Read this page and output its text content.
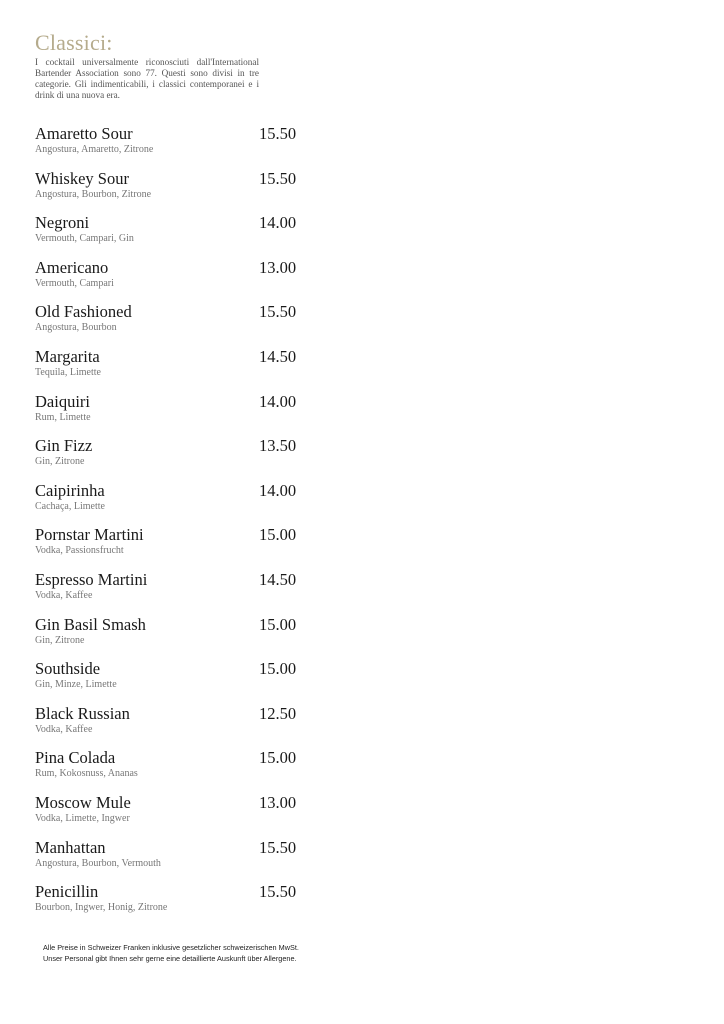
Classici:
I cocktail universalmente riconosciuti dall'International Bartender Association sono 77. Questi sono divisi in tre categorie. Gli indimenticabili, i classici contemporanei e i drink di una nuova era.
Amaretto Sour	15.50
Angostura, Amaretto, Zitrone
Whiskey Sour	15.50
Angostura, Bourbon, Zitrone
Negroni	14.00
Vermouth, Campari, Gin
Americano	13.00
Vermouth, Campari
Old Fashioned	15.50
Angostura, Bourbon
Margarita	14.50
Tequila, Limette
Daiquiri	14.00
Rum, Limette
Gin Fizz	13.50
Gin, Zitrone
Caipirinha	14.00
Cachaça, Limette
Pornstar Martini	15.00
Vodka, Passionsfrucht
Espresso Martini	14.50
Vodka, Kaffee
Gin Basil Smash	15.00
Gin, Zitrone
Southside	15.00
Gin, Minze, Limette
Black Russian	12.50
Vodka, Kaffee
Pina Colada	15.00
Rum, Kokosnuss, Ananas
Moscow Mule	13.00
Vodka, Limette, Ingwer
Manhattan	15.50
Angostura, Bourbon, Vermouth
Penicillin	15.50
Bourbon, Ingwer, Honig, Zitrone
Alle Preise in Schweizer Franken inklusive gesetzlicher schweizerischen MwSt.
Unser Personal gibt Ihnen sehr gerne eine detaillierte Auskunft über Allergene.
